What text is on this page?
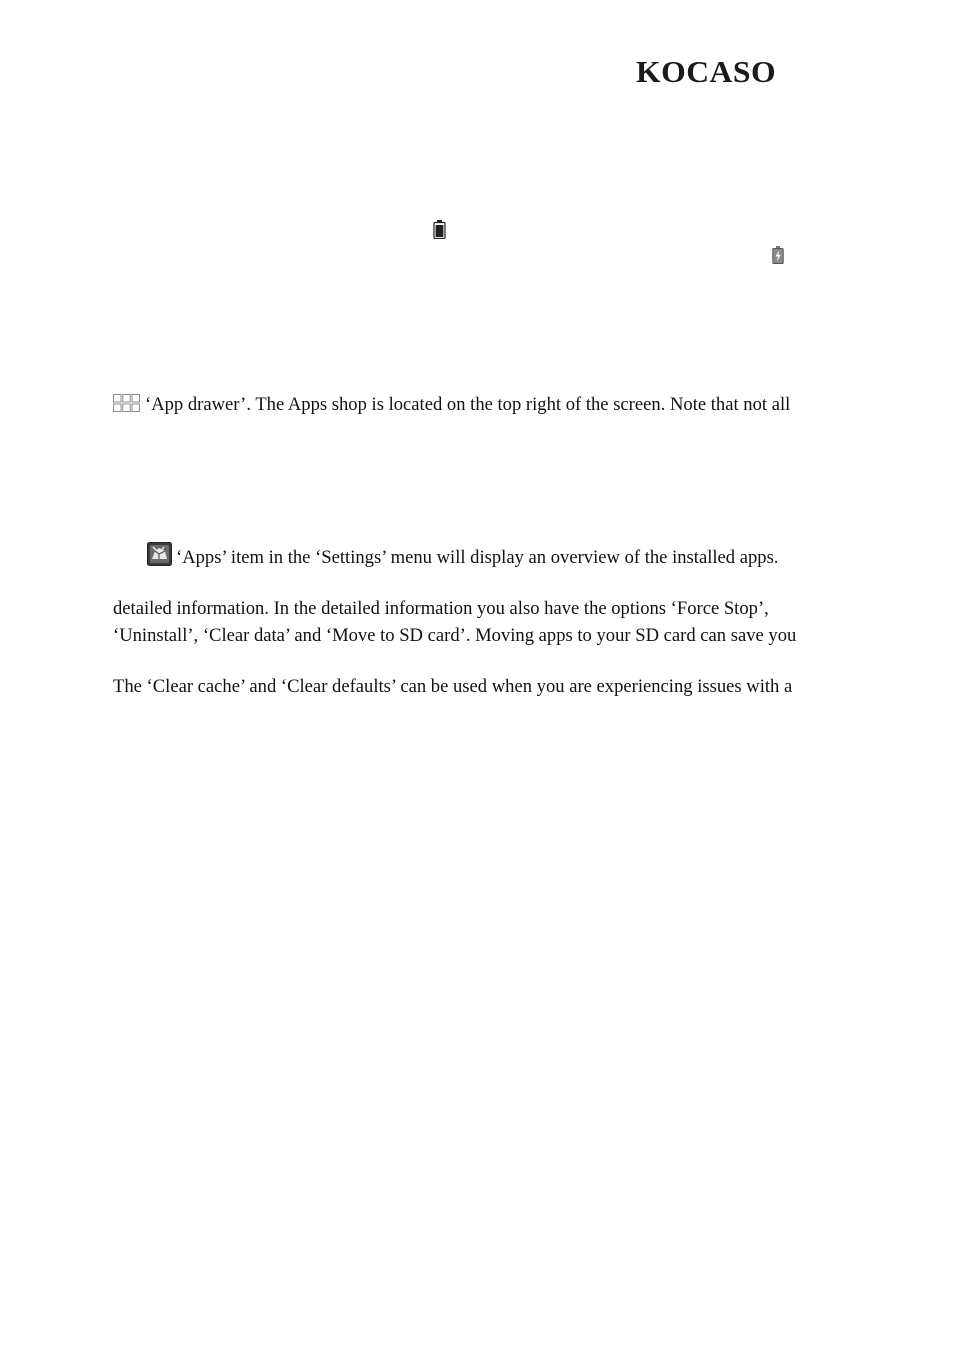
KOCASO
‘App drawer’. The Apps shop is located on the top right of the screen. Note that not all
‘Apps’ item in the ‘Settings’ menu will display an overview of the installed apps.
detailed information. In the detailed information you also have the options ‘Force Stop’,
‘Uninstall’, ‘Clear data’ and ‘Move to SD card’. Moving apps to your SD card can save you
The ‘Clear cache’ and ‘Clear defaults’ can be used when you are experiencing issues with a
